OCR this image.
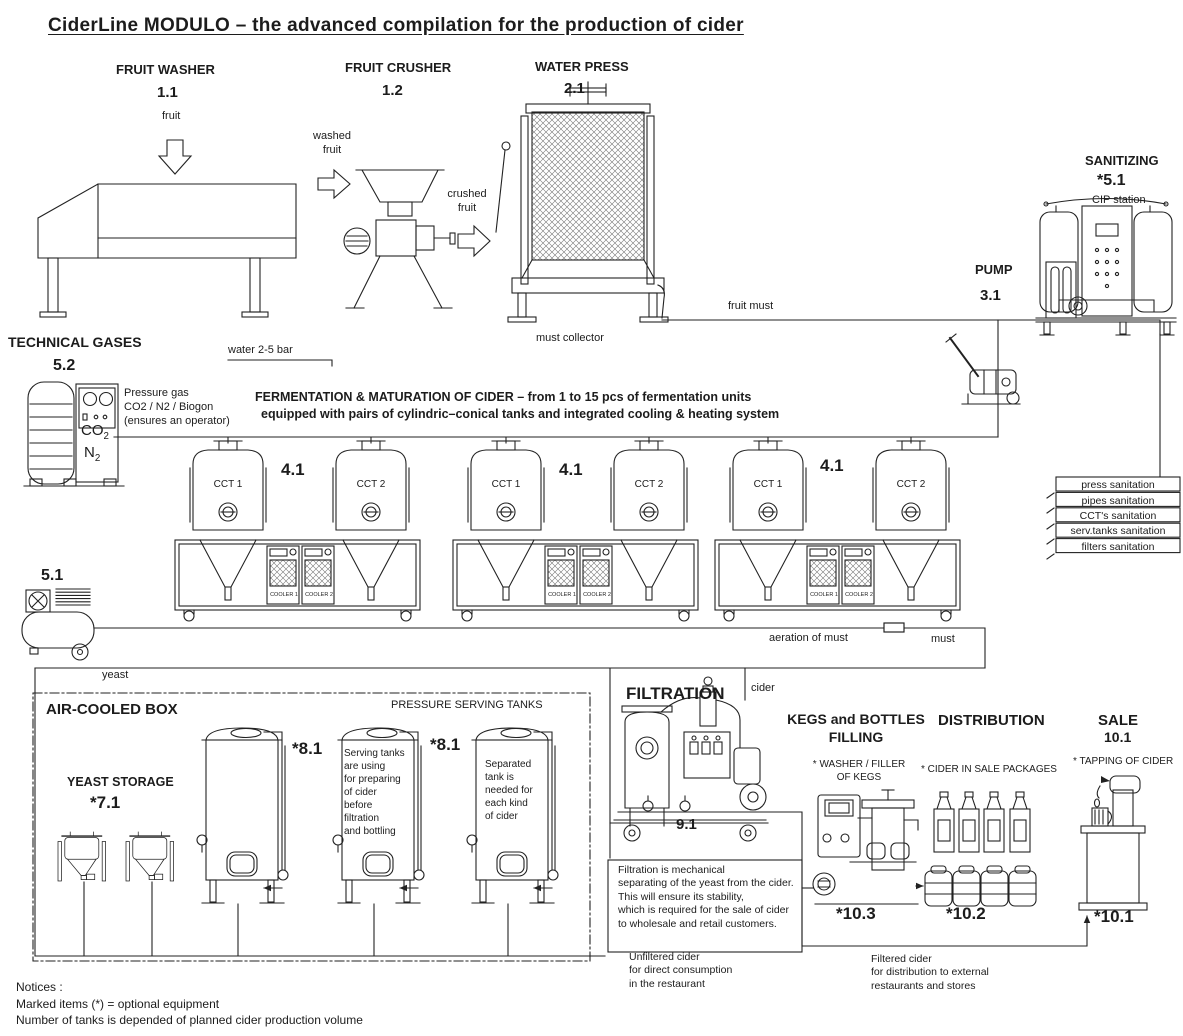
CiderLine MODULO – the advanced compilation for the production of cider
FRUIT WASHER
1.1
fruit
FRUIT CRUSHER
1.2
washed fruit
crushed fruit
WATER PRESS
2.1
must collector
fruit must
water 2-5 bar
SANITIZING
*5.1
CIP station
PUMP
3.1
TECHNICAL GASES
5.2
Pressure gas
CO2 / N2 / Biogon
(ensures an operator)
$CO_2$
$N_2$
FERMENTATION & MATURATION OF CIDER – from 1 to 15 pcs of fermentation units
equipped with pairs of cylindric–conical tanks and integrated cooling & heating system
CCT 1	CCT 2	CCT 1	CCT 2	CCT 1	CCT 2
4.1	4.1	4.1
COOLER 1	COOLER 2	COOLER 1	COOLER 2	COOLER 1	COOLER 2
press sanitation
pipes sanitation
CCT's sanitation
serv.tanks sanitation
filters sanitation
5.1
yeast
aeration of must	must
cider
AIR-COOLED BOX	PRESSURE SERVING TANKS
*8.1	*8.1
Serving tanks
are using
for preparing
of cider
before
filtration
and bottling
Separated
tank is
needed for
each kind
of cider
YEAST STORAGE
*7.1
FILTRATION
9.1
Filtration is mechanical
separating of the yeast from the cider.
This will ensure its stability,
which is required for the sale of cider
to wholesale and retail customers.
KEGS and BOTTLES
FILLING
* WASHER / FILLER
OF KEGS
DISTRIBUTION
* CIDER IN SALE PACKAGES
SALE
10.1
* TAPPING OF CIDER
*10.3	*10.2	*10.1
Unfiltered cider
for direct consumption
in the restaurant
Filtered cider
for distribution to external
restaurants and stores
Notices :
Marked items (*) = optional equipment
Number of tanks is depended of planned cider production volume
